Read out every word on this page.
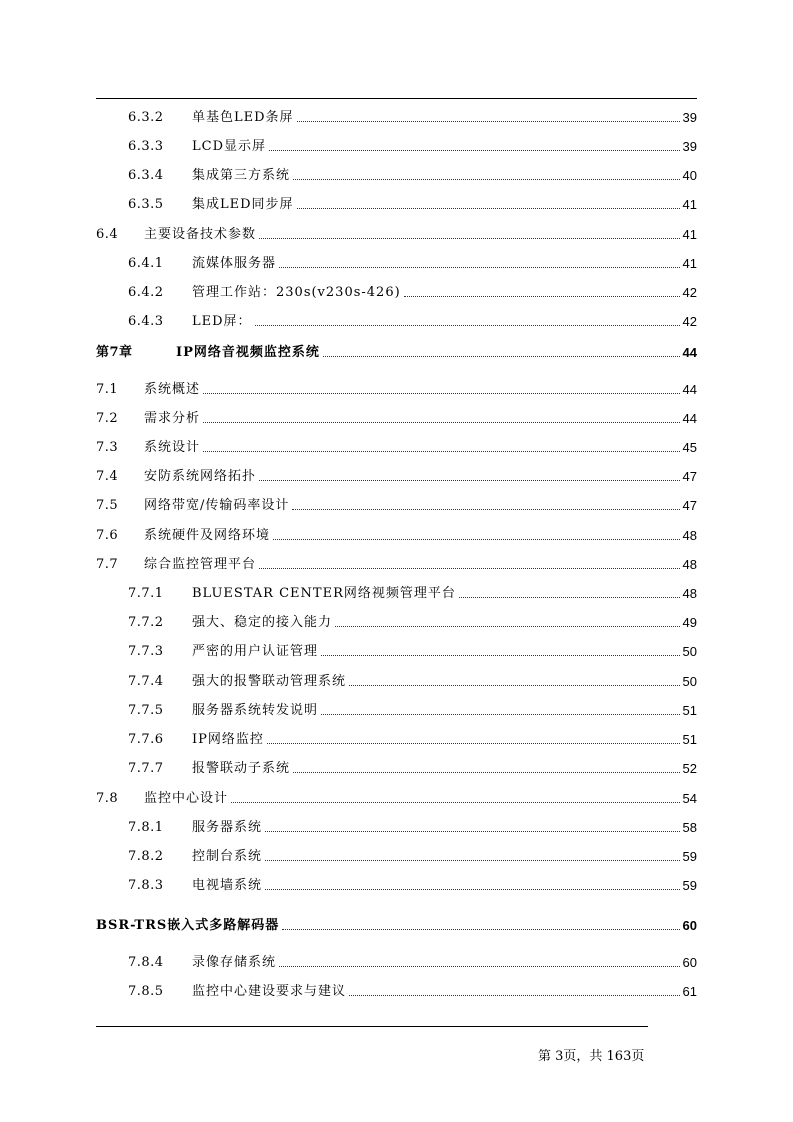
6.3.2	单基色LED条屏	39
6.3.3	LCD显示屏	39
6.3.4	集成第三方系统	40
6.3.5	集成LED同步屏	41
6.4	主要设备技术参数	41
6.4.1	流媒体服务器	41
6.4.2	管理工作站：230s(v230s-426)	42
6.4.3	LED屏：	42
第7章	IP网络音视频监控系统	44
7.1	系统概述	44
7.2	需求分析	44
7.3	系统设计	45
7.4	安防系统网络拓扑	47
7.5	网络带宽/传输码率设计	47
7.6	系统硬件及网络环境	48
7.7	综合监控管理平台	48
7.7.1	BLUESTAR CENTER网络视频管理平台	48
7.7.2	强大、稳定的接入能力	49
7.7.3	严密的用户认证管理	50
7.7.4	强大的报警联动管理系统	50
7.7.5	服务器系统转发说明	51
7.7.6	IP网络监控	51
7.7.7	报警联动子系统	52
7.8	监控中心设计	54
7.8.1	服务器系统	58
7.8.2	控制台系统	59
7.8.3	电视墙系统	59
BSR-TRS嵌入式多路解码器	60
7.8.4	录像存储系统	60
7.8.5	监控中心建设要求与建议	61
第 3页，共 163页
